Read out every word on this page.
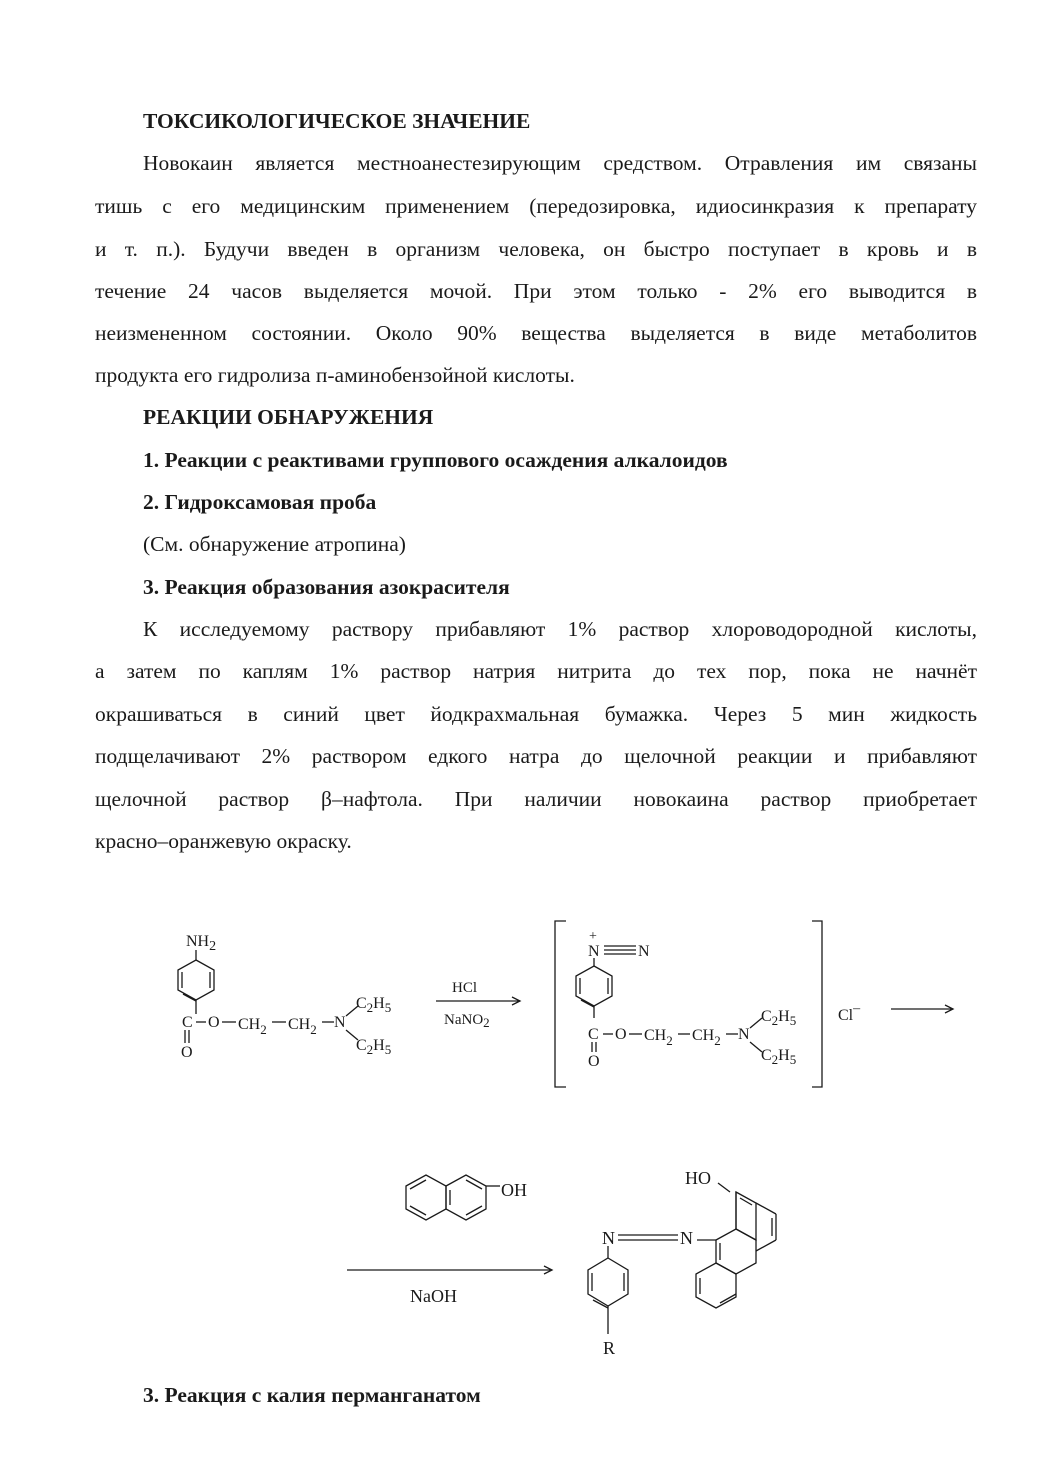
ТОКСИКОЛОГИЧЕСКОЕ ЗНАЧЕНИЕ
Новокаин является местноанестезирующим средством. Отравления им связаны
тишь с его медицинским применением (передозировка, идиосинкразия к препарату
и т. п.). Будучи введен в организм человека, он быстро поступает в кровь и в
течение 24 часов выделяется мочой. При этом только - 2% его выводится в
неизмененном состоянии. Около 90% вещества выделяется в виде метаболитов
продукта его гидролиза п-аминобензойной кислоты.
РЕАКЦИИ ОБНАРУЖЕНИЯ
1. Реакции с реактивами группового осаждения алкалоидов
2. Гидроксамовая проба
(См. обнаружение атропина)
3. Реакция образования азокрасителя
К исследуемому раствору прибавляют 1% раствор хлороводородной кислоты,
а затем по каплям 1% раствор натрия нитрита до тех пор, пока не начнёт
окрашиваться в синий цвет йодкрахмальная бумажка. Через 5 мин жидкость
подщелачивают 2% раствором едкого натра до щелочной реакции и прибавляют
щелочной раствор β–нафтола. При наличии новокаина раствор приобретает
красно–оранжевую окраску.
NH2
C
O
O $CH_2$ $CH_2$ N
$C_2H_5$
$C_2H_5$
HCl
NaNO2
+
N N
C
O
O $CH_2$ $CH_2$ N
$C_2H_5$
$C_2H_5$
Cl–
OH
NaOH
HO
N	N
R
3. Реакция с калия перманганатом
